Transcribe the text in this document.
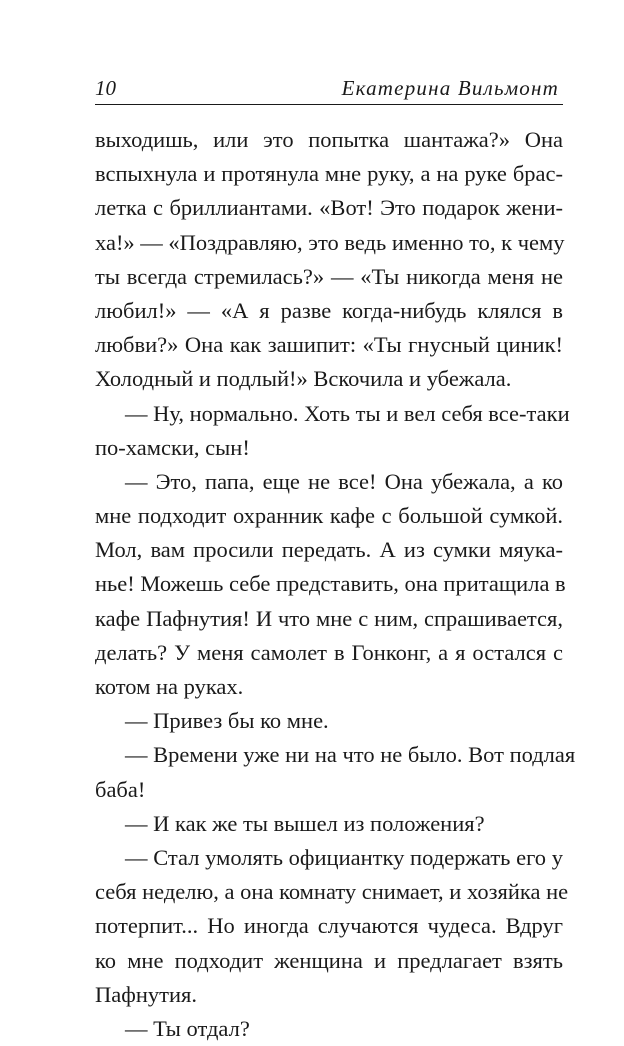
10	Екатерина Вильмонт
выходишь, или это попытка шантажа?» Она
вспыхнула и протянула мне руку, а на руке брас-
летка с бриллиантами. «Вот! Это подарок жени-
ха!» — «Поздравляю, это ведь именно то, к чему
ты всегда стремилась?» — «Ты никогда меня не
любил!» — «А я разве когда-нибудь клялся в
любви?» Она как зашипит: «Ты гнусный циник!
Холодный и подлый!» Вскочила и убежала.
— Ну, нормально. Хоть ты и вел себя все-таки
по-хамски, сын!
— Это, папа, еще не все! Она убежала, а ко
мне подходит охранник кафе с большой сумкой.
Мол, вам просили передать. А из сумки мяука-
нье! Можешь себе представить, она притащила в
кафе Пафнутия! И что мне с ним, спрашивается,
делать? У меня самолет в Гонконг, а я остался с
котом на руках.
— Привез бы ко мне.
— Времени уже ни на что не было. Вот подлая
баба!
— И как же ты вышел из положения?
— Стал умолять официантку подержать его у
себя неделю, а она комнату снимает, и хозяйка не
потерпит... Но иногда случаются чудеса. Вдруг
ко мне подходит женщина и предлагает взять
Пафнутия.
— Ты отдал?
